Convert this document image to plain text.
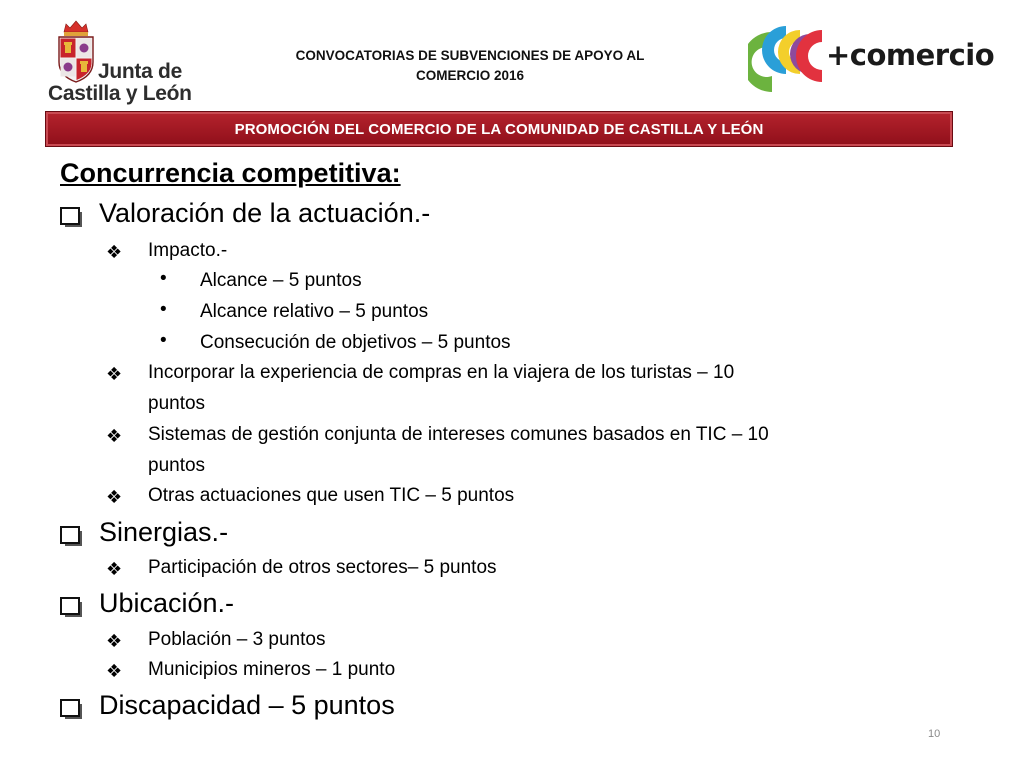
Junta de
Castilla y León
CONVOCATORIAS DE SUBVENCIONES DE APOYO AL
COMERCIO 2016
+comercio
PROMOCIÓN DEL COMERCIO DE LA COMUNIDAD DE CASTILLA Y LEÓN
Concurrencia competitiva:
Valoración de la actuación.-
❖ Impacto.-
• Alcance – 5 puntos
• Alcance relativo – 5 puntos
• Consecución de objetivos – 5 puntos
❖ Incorporar la experiencia de compras en la viajera de los turistas – 10
puntos
❖ Sistemas de gestión conjunta de intereses comunes basados en TIC – 10
puntos
❖ Otras actuaciones que usen TIC – 5 puntos
Sinergias.-
❖ Participación de otros sectores– 5 puntos
Ubicación.-
❖ Población – 3 puntos
❖ Municipios mineros – 1 punto
Discapacidad – 5 puntos
10
